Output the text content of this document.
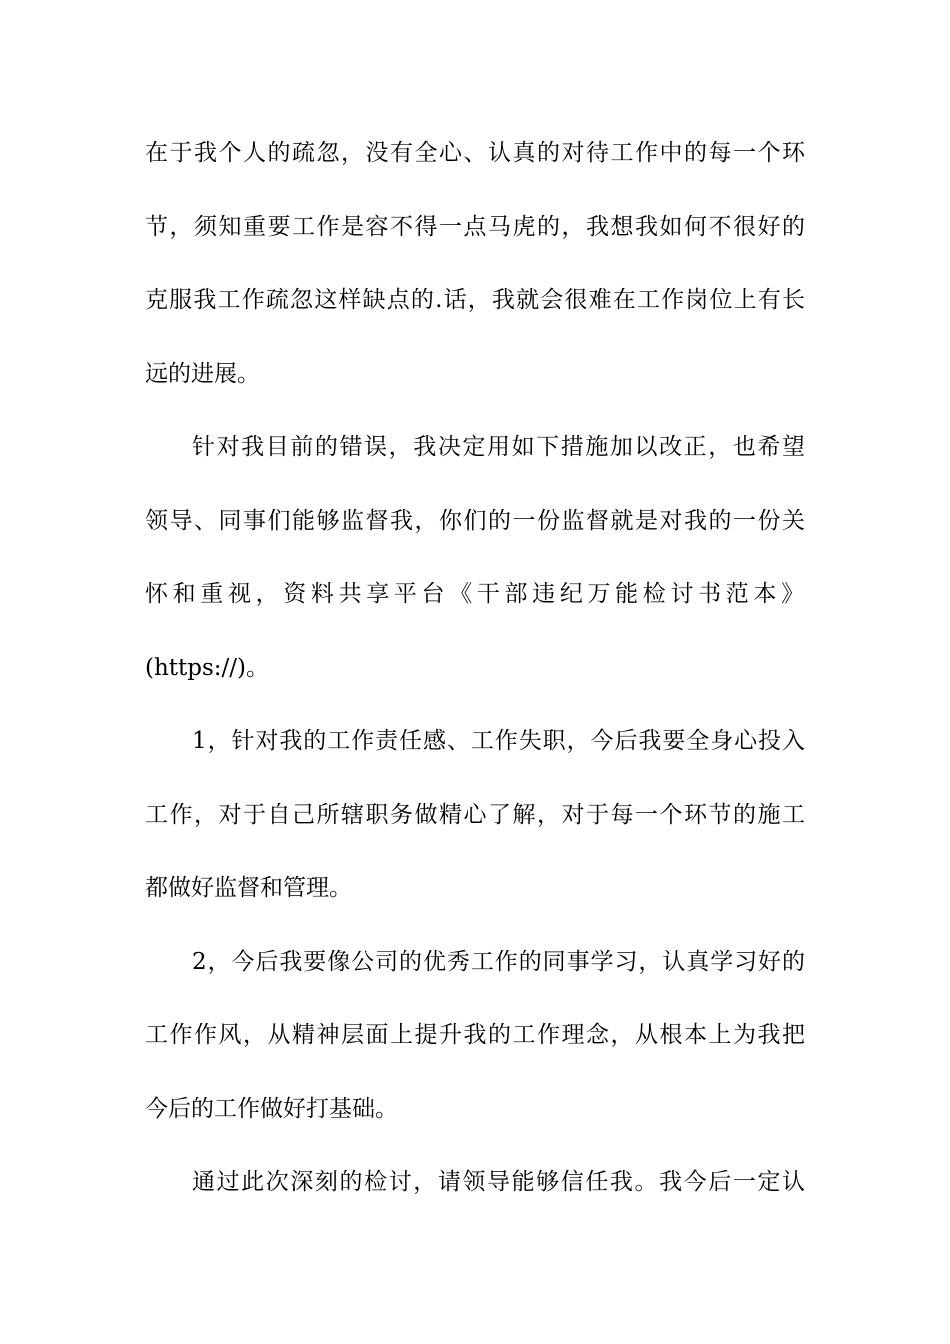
在于我个人的疏忽，没有全心、认真的对待工作中的每一个环
节，须知重要工作是容不得一点马虎的，我想我如何不很好的
克服我工作疏忽这样缺点的.话，我就会很难在工作岗位上有长
远的进展。
针对我目前的错误，我决定用如下措施加以改正，也希望
领导、同事们能够监督我，你们的一份监督就是对我的一份关
怀和重视，资料共享平台《干部违纪万能检讨书范本》
(https://)。
1，针对我的工作责任感、工作失职，今后我要全身心投入
工作，对于自己所辖职务做精心了解，对于每一个环节的施工
都做好监督和管理。
2，今后我要像公司的优秀工作的同事学习，认真学习好的
工作作风，从精神层面上提升我的工作理念，从根本上为我把
今后的工作做好打基础。
通过此次深刻的检讨，请领导能够信任我。我今后一定认
